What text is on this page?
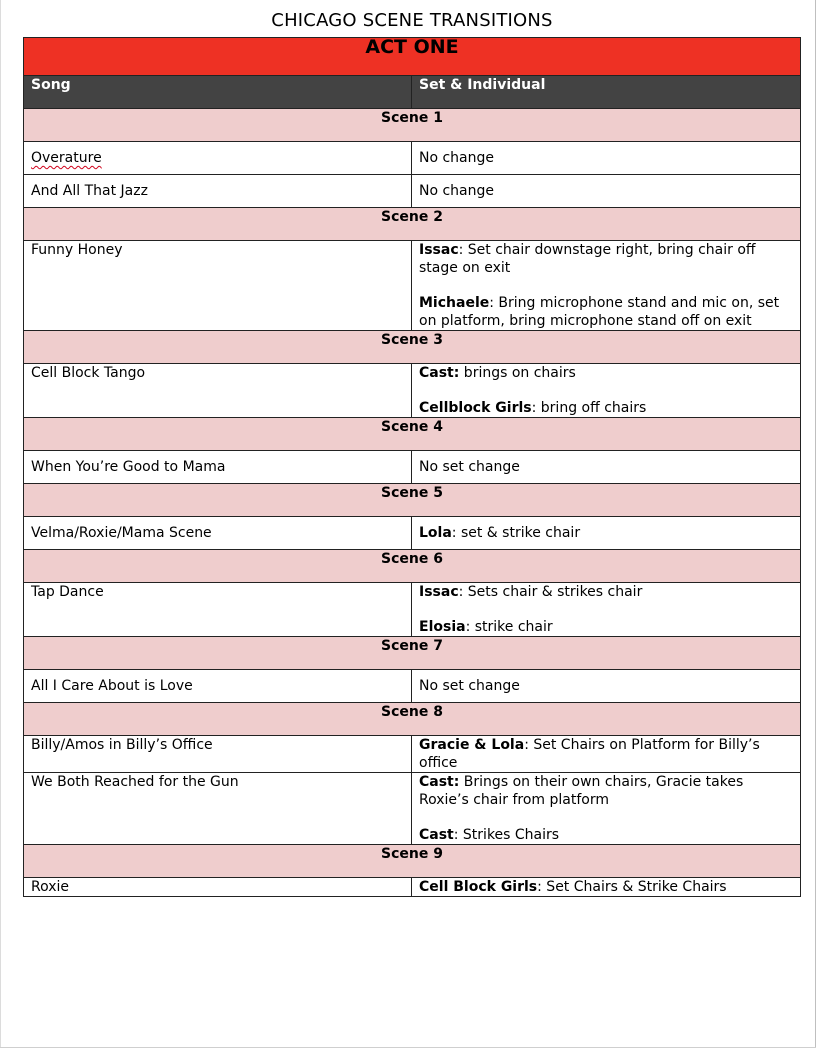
CHICAGO SCENE TRANSITIONS
ACT ONE	
Song	Set & Individual
Scene 1	
Overature	No change

And All That Jazz	No change

Scene 2	
Funny Honey	Issac: Set chair downstage right, bring chair off stage on exit
Michaele: Bring microphone stand and mic on, set on platform, bring microphone stand off on exit

Scene 3	
Cell Block Tango	Cast: brings on chairs
Cellblock Girls: bring off chairs

Scene 4	
When You’re Good to Mama	No set change

Scene 5	
Velma/Roxie/Mama Scene	Lola: set & strike chair

Scene 6	
Tap Dance	Issac: Sets chair & strikes chair
Elosia: strike chair

Scene 7	
All I Care About is Love	No set change

Scene 8	
Billy/Amos in Billy’s Office	Gracie & Lola: Set Chairs on Platform for Billy’s office

We Both Reached for the Gun	Cast: Brings on their own chairs, Gracie takes Roxie’s chair from platform
Cast: Strikes Chairs

Scene 9	
Roxie	Cell Block Girls: Set Chairs & Strike Chairs
